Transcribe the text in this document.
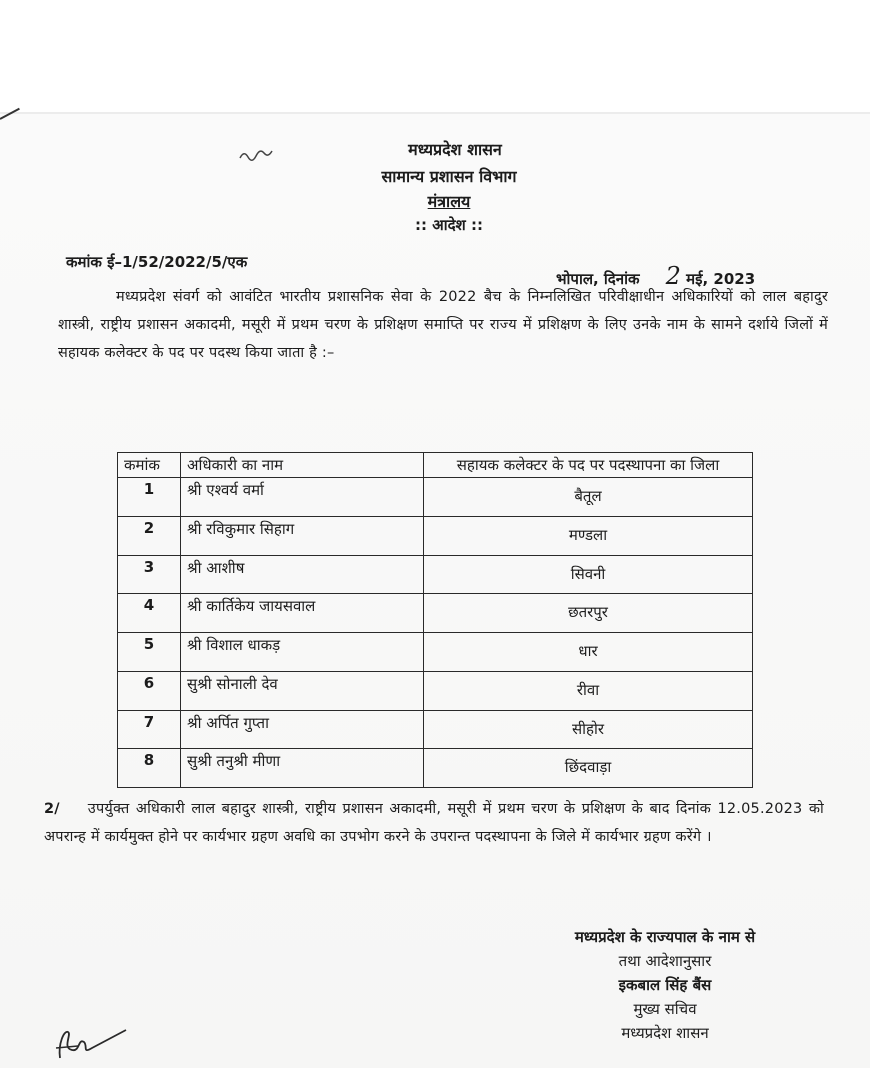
मध्यप्रदेश शासन
सामान्य प्रशासन विभाग
मंत्रालय
:: आदेश ::
कमांक ई–1/52/2022/5/एक
भोपाल, दिनांक 2 मई, 2023
मध्यप्रदेश संवर्ग को आवंटित भारतीय प्रशासनिक सेवा के 2022 बैच के निम्नलिखित परिवीक्षाधीन अधिकारियों को लाल बहादुर शास्त्री, राष्ट्रीय प्रशासन अकादमी, मसूरी में प्रथम चरण के प्रशिक्षण समाप्ति पर राज्य में प्रशिक्षण के लिए उनके नाम के सामने दर्शाये जिलों में सहायक कलेक्टर के पद पर पदस्थ किया जाता है :–
कमांक	अधिकारी का नाम	सहायक कलेक्टर के पद पर पदस्थापना का जिला
1	श्री एश्वर्य वर्मा	बैतूल
2	श्री रविकुमार सिहाग	मण्डला
3	श्री आशीष	सिवनी
4	श्री कार्तिकेय जायसवाल	छतरपुर
5	श्री विशाल धाकड़	धार
6	सुश्री सोनाली देव	रीवा
7	श्री अर्पित गुप्ता	सीहोर
8	सुश्री तनुश्री मीणा	छिंदवाड़ा
2/ उपर्युक्त अधिकारी लाल बहादुर शास्त्री, राष्ट्रीय प्रशासन अकादमी, मसूरी में प्रथम चरण के प्रशिक्षण के बाद दिनांक 12.05.2023 को अपरान्ह में कार्यमुक्त होने पर कार्यभार ग्रहण अवधि का उपभोग करने के उपरान्त पदस्थापना के जिले में कार्यभार ग्रहण करेंगे ।
मध्यप्रदेश के राज्यपाल के नाम से
तथा आदेशानुसार
इकबाल सिंह बैंस
मुख्य सचिव
मध्यप्रदेश शासन
